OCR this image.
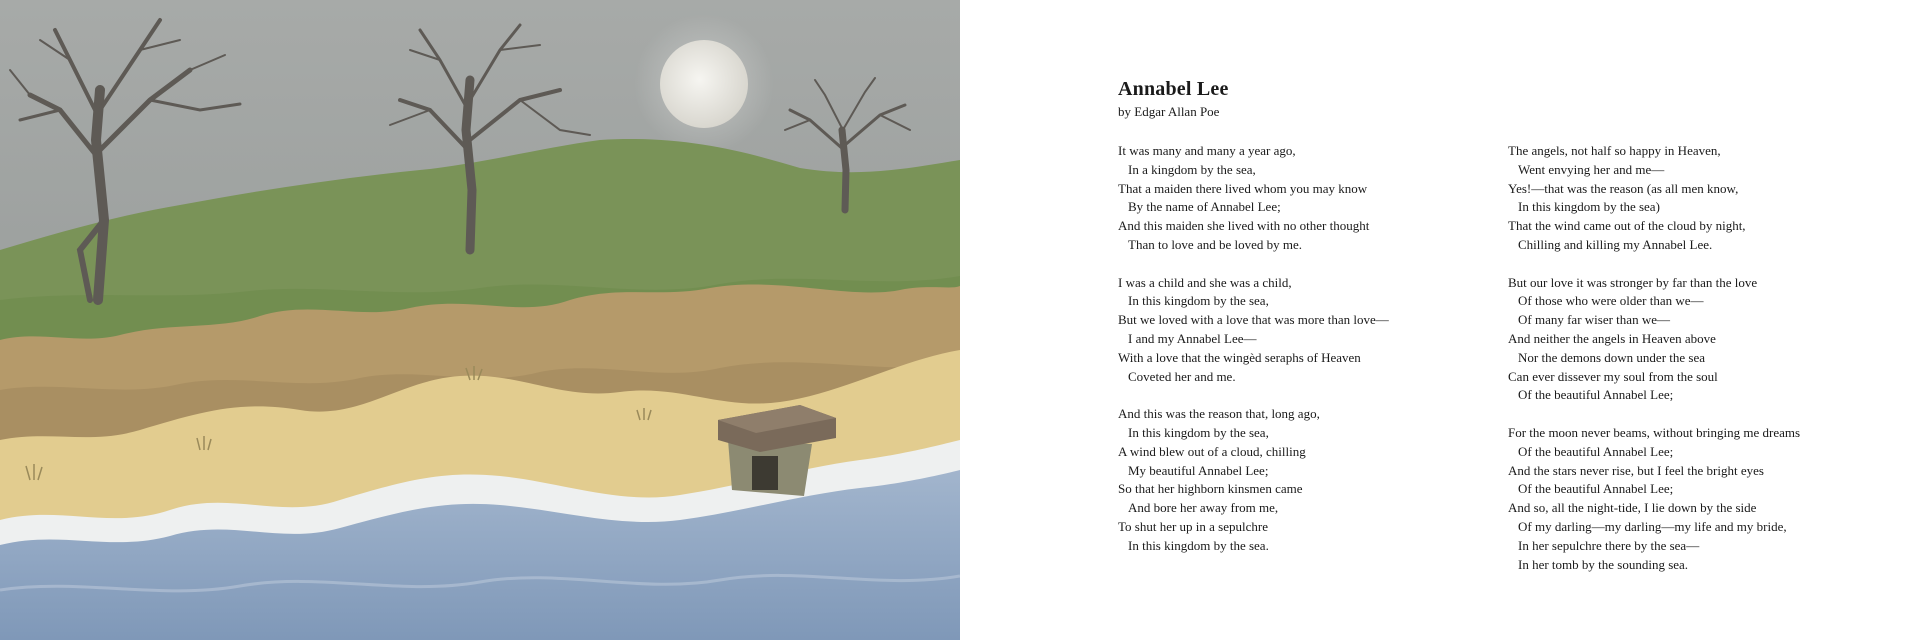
Annabel Lee
by Edgar Allan Poe
It was many and many a year ago,
In a kingdom by the sea,
That a maiden there lived whom you may know
By the name of Annabel Lee;
And this maiden she lived with no other thought
Than to love and be loved by me.
I was a child and she was a child,
In this kingdom by the sea,
But we loved with a love that was more than love—
I and my Annabel Lee—
With a love that the wingèd seraphs of Heaven
Coveted her and me.
And this was the reason that, long ago,
In this kingdom by the sea,
A wind blew out of a cloud, chilling
My beautiful Annabel Lee;
So that her highborn kinsmen came
And bore her away from me,
To shut her up in a sepulchre
In this kingdom by the sea.
The angels, not half so happy in Heaven,
Went envying her and me—
Yes!—that was the reason (as all men know,
In this kingdom by the sea)
That the wind came out of the cloud by night,
Chilling and killing my Annabel Lee.
But our love it was stronger by far than the love
Of those who were older than we—
Of many far wiser than we—
And neither the angels in Heaven above
Nor the demons down under the sea
Can ever dissever my soul from the soul
Of the beautiful Annabel Lee;
For the moon never beams, without bringing me dreams
Of the beautiful Annabel Lee;
And the stars never rise, but I feel the bright eyes
Of the beautiful Annabel Lee;
And so, all the night-tide, I lie down by the side
Of my darling—my darling—my life and my bride,
In her sepulchre there by the sea—
In her tomb by the sounding sea.
